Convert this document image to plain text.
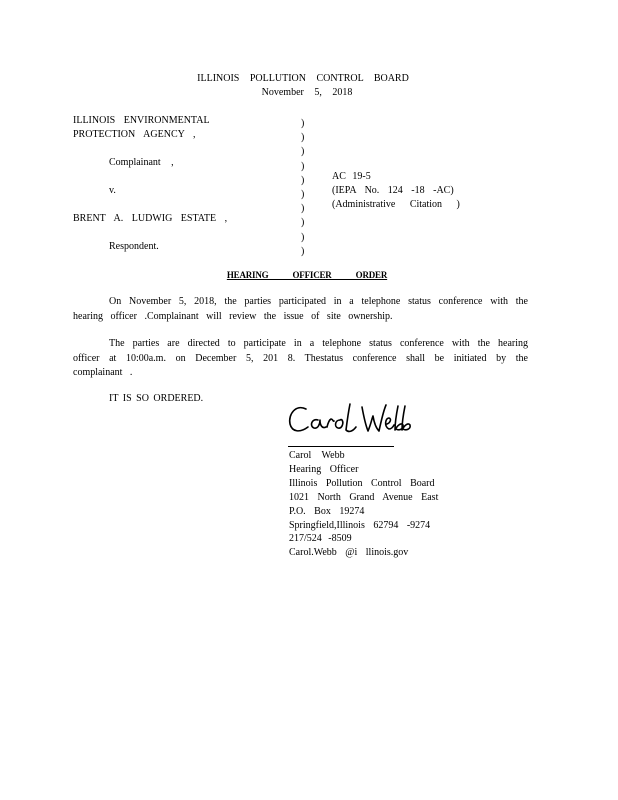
ILLINOIS POLLUTION CONTROL BOARD
November 5, 2018
ILLINOIS ENVIRONMENTAL
PROTECTION AGENCY ,
Complainant ,
v.
BRENT A. LUDWIG ESTATE ,
Respondent.
)
)
)
)
)
)
)
)
)
)
AC 19-5
(IEPA No. 124 -18 -AC)
(Administrative Citation )
HEARING OFFICER ORDER
On November 5, 2018, the parties participated in a telephone status conference with the hearing officer .Complainant will review the issue of site ownership.
The parties are directed to participate in a telephone status conference with the hearing officer at 10:00a.m. on December 5, 201 8. Thestatus conference shall be initiated by the complainant .
IT IS SO ORDERED.
Carol Webb
Hearing Officer
Illinois Pollution Control Board
1021 North Grand Avenue East
P.O. Box 19274
Springfield,Illinois 62794 -9274
217/524 -8509
Carol.Webb @i llinois.gov
